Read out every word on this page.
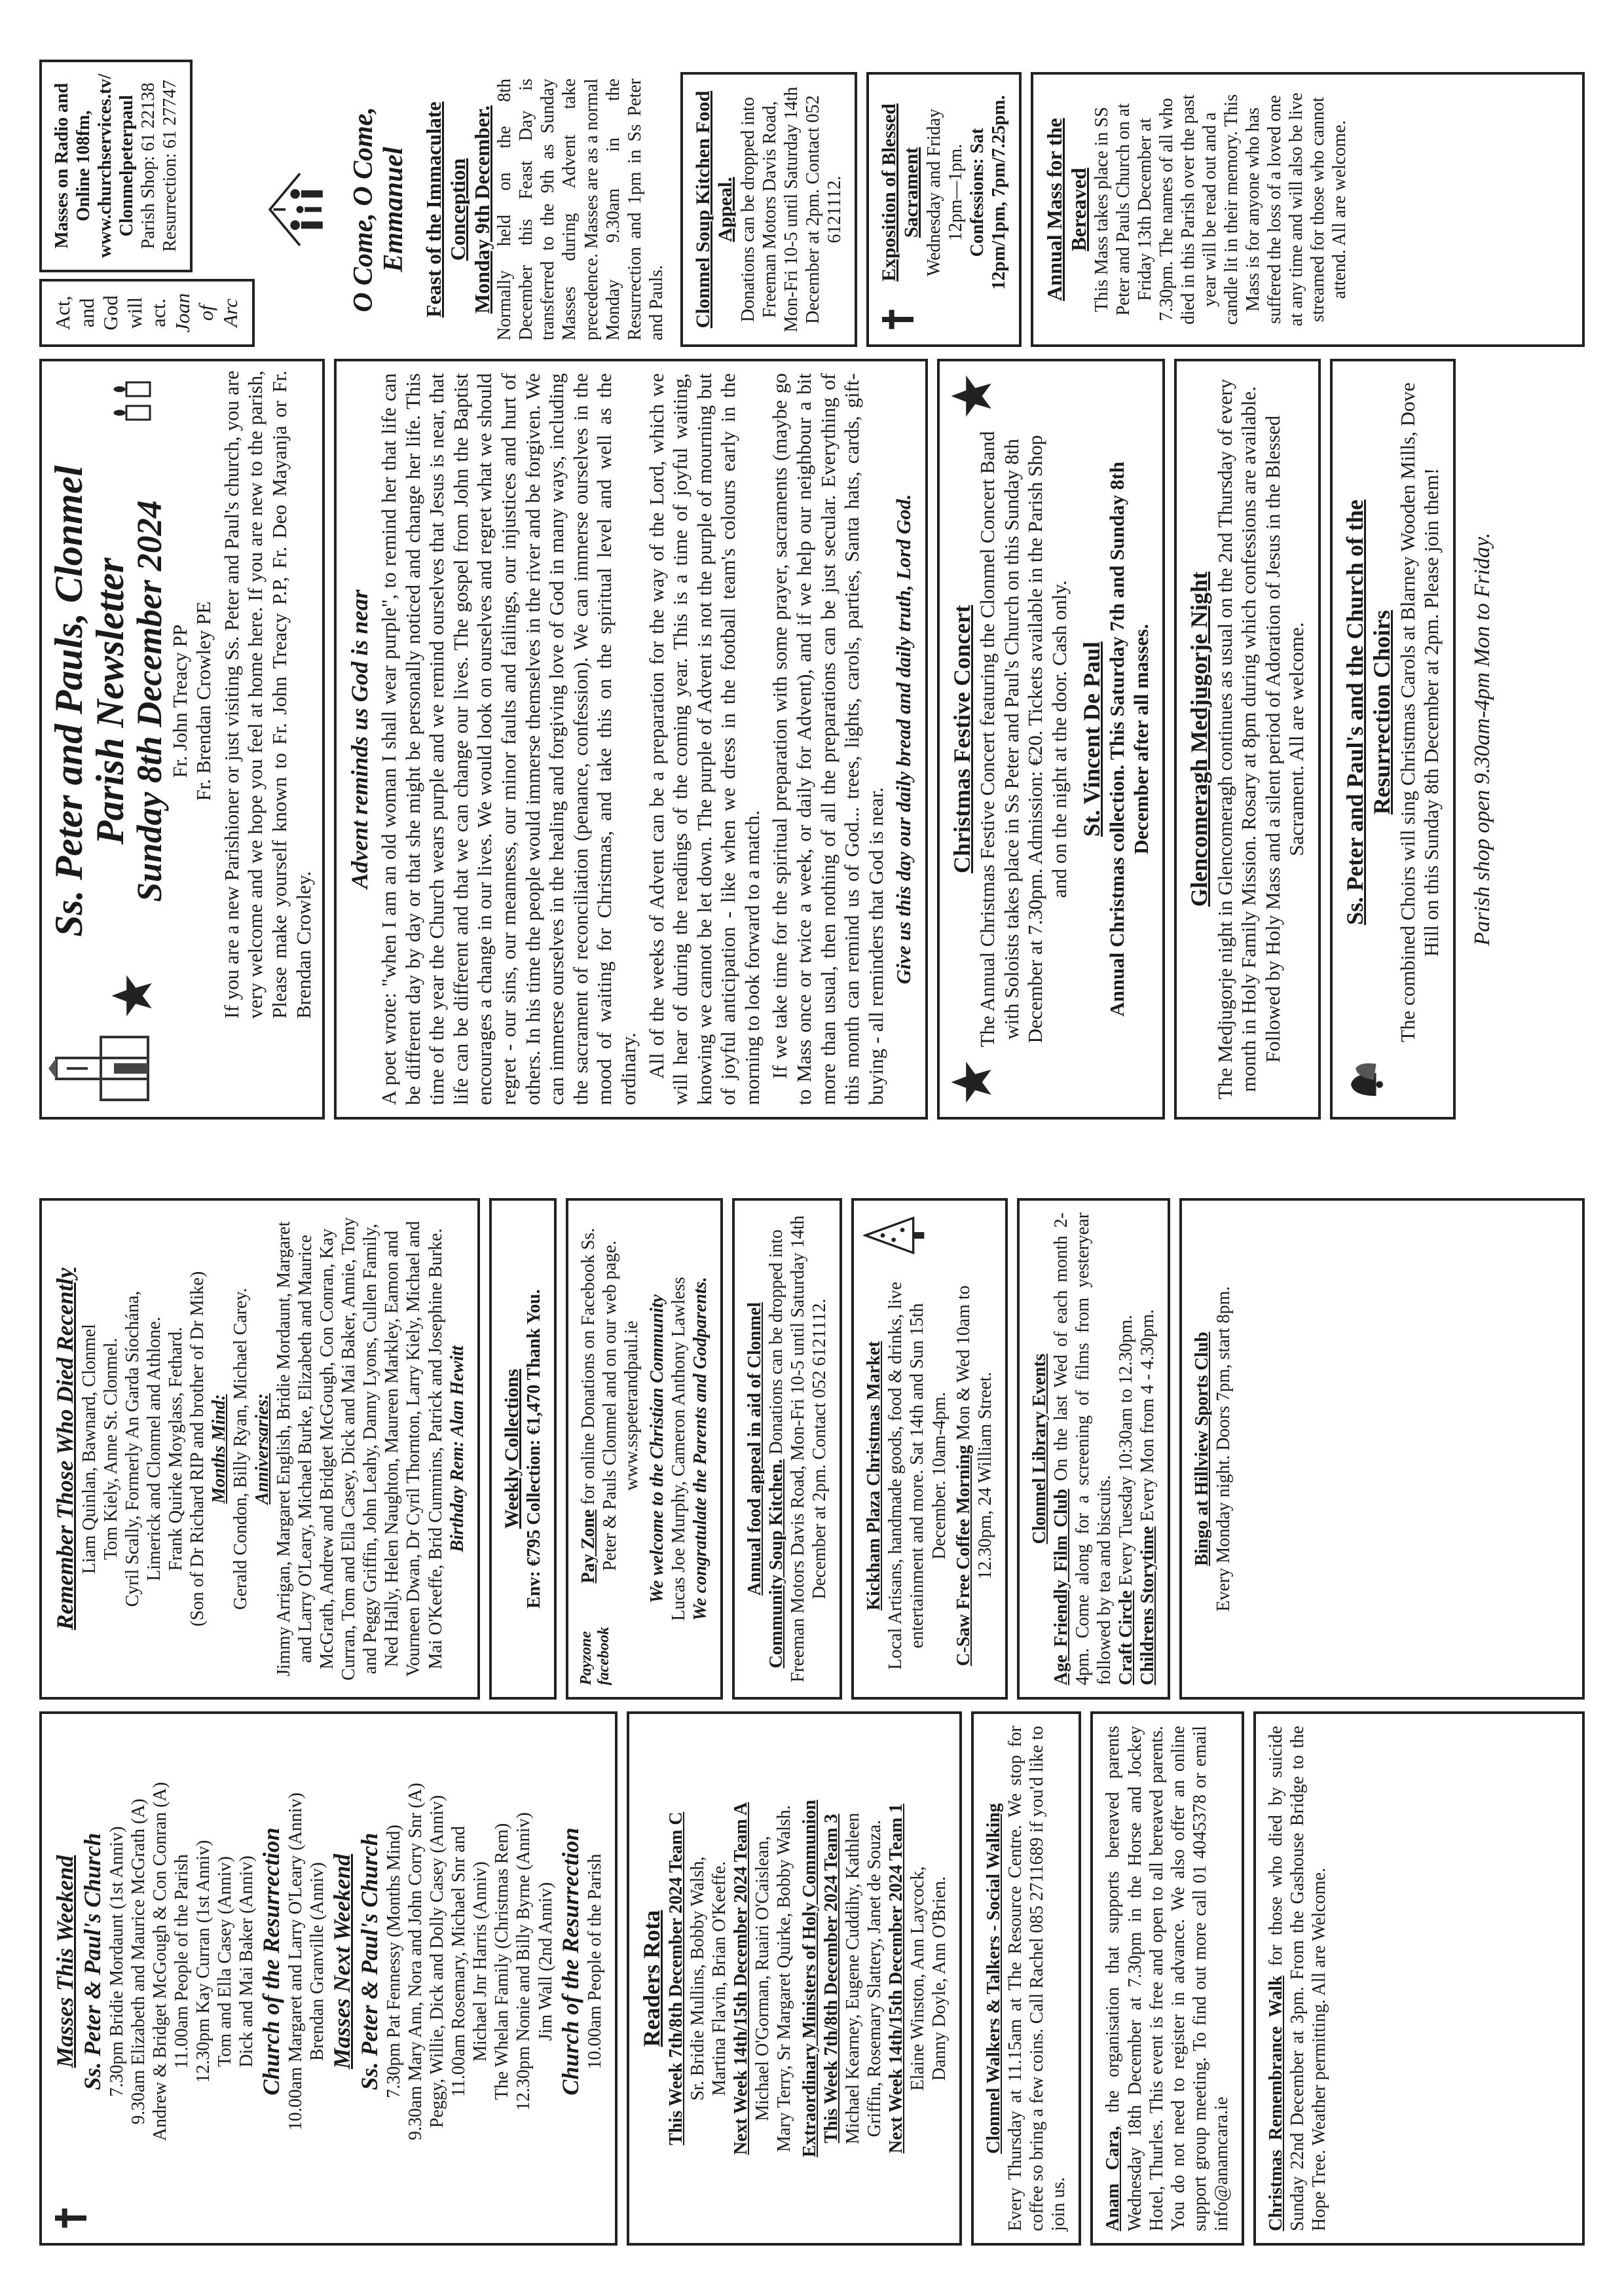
Ss. Peter and Pauls, Clonmel
Parish Newsletter
Sunday 8th December 2024
Fr. John Treacy PP Fr. Brendan Crowley PE If you are a new Parishioner or just visiting Ss. Peter and Paul's church, you are very welcome and we hope you feel at home here. If you are new to the parish, Please make yourself known to Fr. John Treacy P.P, Fr. Deo Mayanja or Fr. Brendan Crowley.
Advent reminds us God is near A poet wrote: "when I am an old woman I shall wear purple", to remind her that life can be different day by day or that she might be personally noticed and change her life. This time of the year the Church wears purple and we remind ourselves that Jesus is near, that life can be different and that we can change our lives. The gospel from John the Baptist encourages a change in our lives. We would look on ourselves and regret what we should regret - our sins, our meanness, our minor faults and failings, our injustices and hurt of others. In his time the people would immerse themselves in the river and be forgiven. We can immerse ourselves in the healing and forgiving love of God in many ways, including the sacrament of reconciliation (penance, confession). We can immerse ourselves in the mood of waiting for Christmas, and take this on the spiritual level and well as the ordinary. All of the weeks of Advent can be a preparation for the way of the Lord, which we will hear of during the readings of the coming year. This is a time of joyful waiting, knowing we cannot be let down. The purple of Advent is not the purple of mourning but of joyful anticipation - like when we dress in the football team's colours early in the morning to look forward to a match. If we take time for the spiritual preparation with some prayer, sacraments (maybe go to Mass once or twice a week, or daily for Advent), and if we help our neighbour a bit more than usual, then nothing of all the preparations can be just secular. Everything of this month can remind us of God... trees, lights, carols, parties, Santa hats, cards, gift-buying - all reminders that God is near. Give us this day our daily bread and daily truth, Lord God. Christmas Festive Concert The Annual Christmas Festive Concert featuring the Clonmel Concert Band with Soloists takes place in Ss Peter and Paul's Church on this Sunday 8th December at 7.30pm. Admission: €20. Tickets available in the Parish Shop and on the night at the door. Cash only. St. Vincent De Paul Annual Christmas collection. This Saturday 7th and Sunday 8th December after all masses. Glencomeragh Medjugorje Night The Medjugorje night in Glencomeragh continues as usual on the 2nd Thursday of every month in Holy Family Mission. Rosary at 8pm during which confessions are available. Followed by Holy Mass and a silent period of Adoration of Jesus in the Blessed Sacrament. All are welcome. Ss. Peter and Paul's and the Church of the Resurrection Choirs The combined Choirs will sing Christmas Carols at Blarney Wooden Mills, Dove Hill on this Sunday 8th December at 2pm. Please join them! Parish shop open 9.30am-4pm Mon to Friday.
Act, and God will act. Joan of Arc
Masses on Radio and Online 108fm, www.churchservices.tv/ Clonmelpeterpaul Parish Shop: 61 22138 Resurrection: 61 27747	O Come, O Come, Emmanuel Feast of the Immaculate Conception Monday 9th December. Normally held on the 8th December this Feast Day is transferred to the 9th as Sunday Masses during Advent take precedence. Masses are as a normal Monday 9.30am in the Resurrection and 1pm in Ss Peter and Pauls. Clonmel Soup Kitchen Food Appeal. Donations can be dropped into Freeman Motors Davis Road, Mon-Fri 10-5 until Saturday 14th December at 2pm. Contact 052 6121112. Exposition of Blessed Sacrament Wednesday and Friday 12pm—1pm. Confessions: Sat 12pm/1pm, 7pm/7.25pm. Annual Mass for the Bereaved This Mass takes place in SS Peter and Pauls Church on at Friday 13th December at 7.30pm. The names of all who died in this Parish over the past year will be read out and a candle lit in their memory. This Mass is for anyone who has suffered the loss of a loved one at any time and will also be live streamed for those who cannot attend. All are welcome.
Masses This Weekend Ss. Peter & Paul's Church 7.30pm Bridie Mordaunt (1st Anniv) 9.30am Elizabeth and Maurice McGrath (A) Andrew & Bridget McGough & Con Conran (A) 11.00am People of the Parish 12.30pm Kay Curran (1st Anniv) Tom and Ella Casey (Anniv) Dick and Mai Baker (Anniv) Church of the Resurrection 10.00am Margaret and Larry O'Leary (Anniv) Brendan Granville (Anniv) Masses Next Weekend Ss. Peter & Paul's Church 7.30pm Pat Fennessy (Months Mind) 9.30am Mary Ann, Nora and John Corry Snr (A) Peggy, Willie, Dick and Dolly Casey (Anniv) 11.00am Rosemary, Michael Snr and Michael Jnr Harris (Anniv) The Whelan Family (Christmas Rem) 12.30pm Nonie and Billy Byrne (Anniv) Jim Wall (2nd Anniv) Church of the Resurrection 10.00am People of the Parish Readers Rota This Week 7th/8th December 2024 Team C Sr. Bridie Mullins, Bobby Walsh, Martina Flavin, Brian O'Keeffe. Next Week 14th/15th December 2024 Team A Michael O'Gorman, Ruairi O'Caislean, Mary Terry, Sr Margaret Quirke, Bobby Walsh. Extraordinary Ministers of Holy Communion This Week 7th/8th December 2024 Team 3 Michael Kearney, Eugene Cuddihy, Kathleen Griffin, Rosemary Slattery, Janet de Souza. Next Week 14th/15th December 2024 Team 1 Elaine Winston, Ann Laycock, Danny Doyle, Ann O'Brien. Clonmel Walkers & Talkers - Social Walking Every Thursday at 11.15am at The Resource Centre. We stop for coffee so bring a few coins. Call Rachel 085 2711689 if you'd like to join us. Anam Cara, the organisation that supports bereaved parents Wednesday 18th December at 7.30pm in the Horse and Jockey Hotel, Thurles. This event is free and open to all bereaved parents. You do not need to register in advance. We also offer an online support group meeting. To find out more call 01 4045378 or email info@anamcara.ie Christmas Remembrance Walk for those who died by suicide Sunday 22nd December at 3pm. From the Gashouse Bridge to the Hope Tree. Weather permitting. All are Welcome.
Remember Those Who Died Recently Liam Quinlan, Bawnard, Clonmel Tom Kiely, Anne St. Clonmel. Cyril Scally, Formerly An Garda Síochána, Limerick and Clonmel and Athlone. Frank Quirke Moyglass, Fethard. (Son of Dr Richard RIP and brother of Dr Mike) Months Mind: Gerald Condon, Billy Ryan, Michael Carey. Anniversaries: Jimmy Arrigan, Margaret English, Bridie Mordaunt, Margaret and Larry O'Leary, Michael Burke, Elizabeth and Maurice McGrath, Andrew and Bridget McGough, Con Conran, Kay Curran, Tom and Ella Casey, Dick and Mai Baker, Annie, Tony and Peggy Griffin, John Leahy, Danny Lyons, Cullen Family, Ned Hally, Helen Naughton, Maureen Markley, Eamon and Vourneen Dwan, Dr Cyril Thornton, Larry Kiely, Michael and Mai O'Keeffe, Brid Cummins, Patrick and Josephine Burke. Birthday Rem: Alan Hewitt Weekly Collections Env: €795 Collection: €1,470 Thank You.
Payzone facebook
Pay Zone for online Donations on Facebook Ss. Peter & Pauls Clonmel and on our web page. www.sspeterandpaul.ie We welcome to the Christian Community Lucas Joe Murphy, Cameron Anthony Lawless We congratulate the Parents and Godparents. Annual food appeal in aid of Clonmel Community Soup Kitchen. Donations can be dropped into Freeman Motors Davis Road, Mon-Fri 10-5 until Saturday 14th December at 2pm. Contact 052 6121112. Kickham Plaza Christmas Market Local Artisans, handmade goods, food & drinks, live entertainment and more. Sat 14th and Sun 15th December. 10am-4pm. C-Saw Free Coffee Morning Mon & Wed 10am to 12.30pm, 24 William Street. Clonmel Library Events
Age Friendly Film Club On the last Wed of each month 2-4pm. Come along for a screening of films from yesteryear followed by tea and biscuits. Craft Circle Every Tuesday 10:30am to 12.30pm.
Childrens Storytime Every Mon from 4 - 4.30pm. Bingo at Hillview Sports Club Every Monday night. Doors 7pm, start 8pm.
